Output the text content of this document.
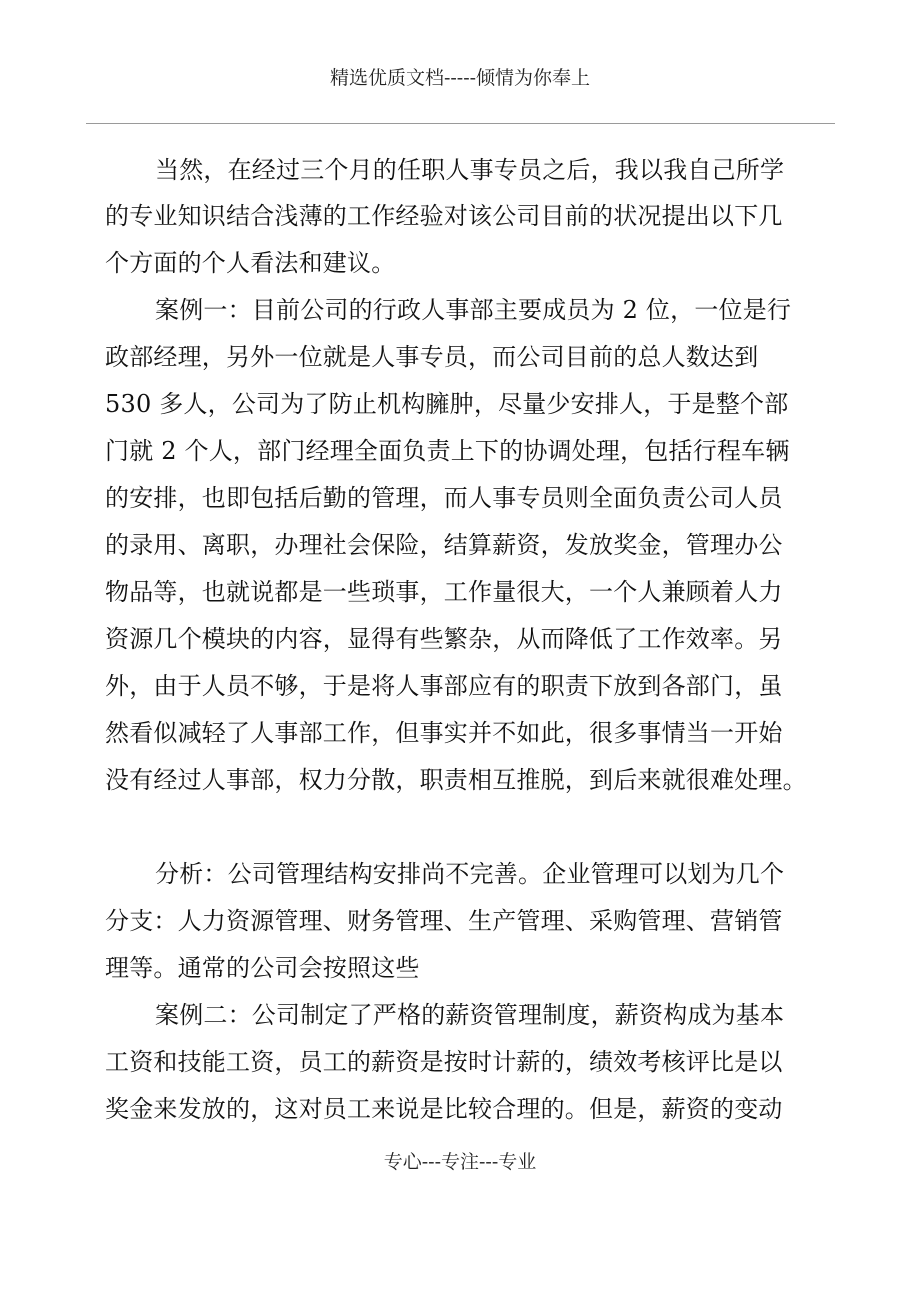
精选优质文档-----倾情为你奉上
当然，在经过三个月的任职人事专员之后，我以我自己所学
的专业知识结合浅薄的工作经验对该公司目前的状况提出以下几
个方面的个人看法和建议。
案例一：目前公司的行政人事部主要成员为 2 位，一位是行
政部经理，另外一位就是人事专员，而公司目前的总人数达到
530 多人，公司为了防止机构臃肿，尽量少安排人，于是整个部
门就 2 个人，部门经理全面负责上下的协调处理，包括行程车辆
的安排，也即包括后勤的管理，而人事专员则全面负责公司人员
的录用、离职，办理社会保险，结算薪资，发放奖金，管理办公
物品等，也就说都是一些琐事，工作量很大，一个人兼顾着人力
资源几个模块的内容，显得有些繁杂，从而降低了工作效率。另
外，由于人员不够，于是将人事部应有的职责下放到各部门，虽
然看似减轻了人事部工作，但事实并不如此，很多事情当一开始
没有经过人事部，权力分散，职责相互推脱，到后来就很难处理。
分析：公司管理结构安排尚不完善。企业管理可以划为几个
分支：人力资源管理、财务管理、生产管理、采购管理、营销管
理等。通常的公司会按照这些
案例二：公司制定了严格的薪资管理制度，薪资构成为基本
工资和技能工资，员工的薪资是按时计薪的，绩效考核评比是以
奖金来发放的，这对员工来说是比较合理的。但是，薪资的变动
专心---专注---专业
